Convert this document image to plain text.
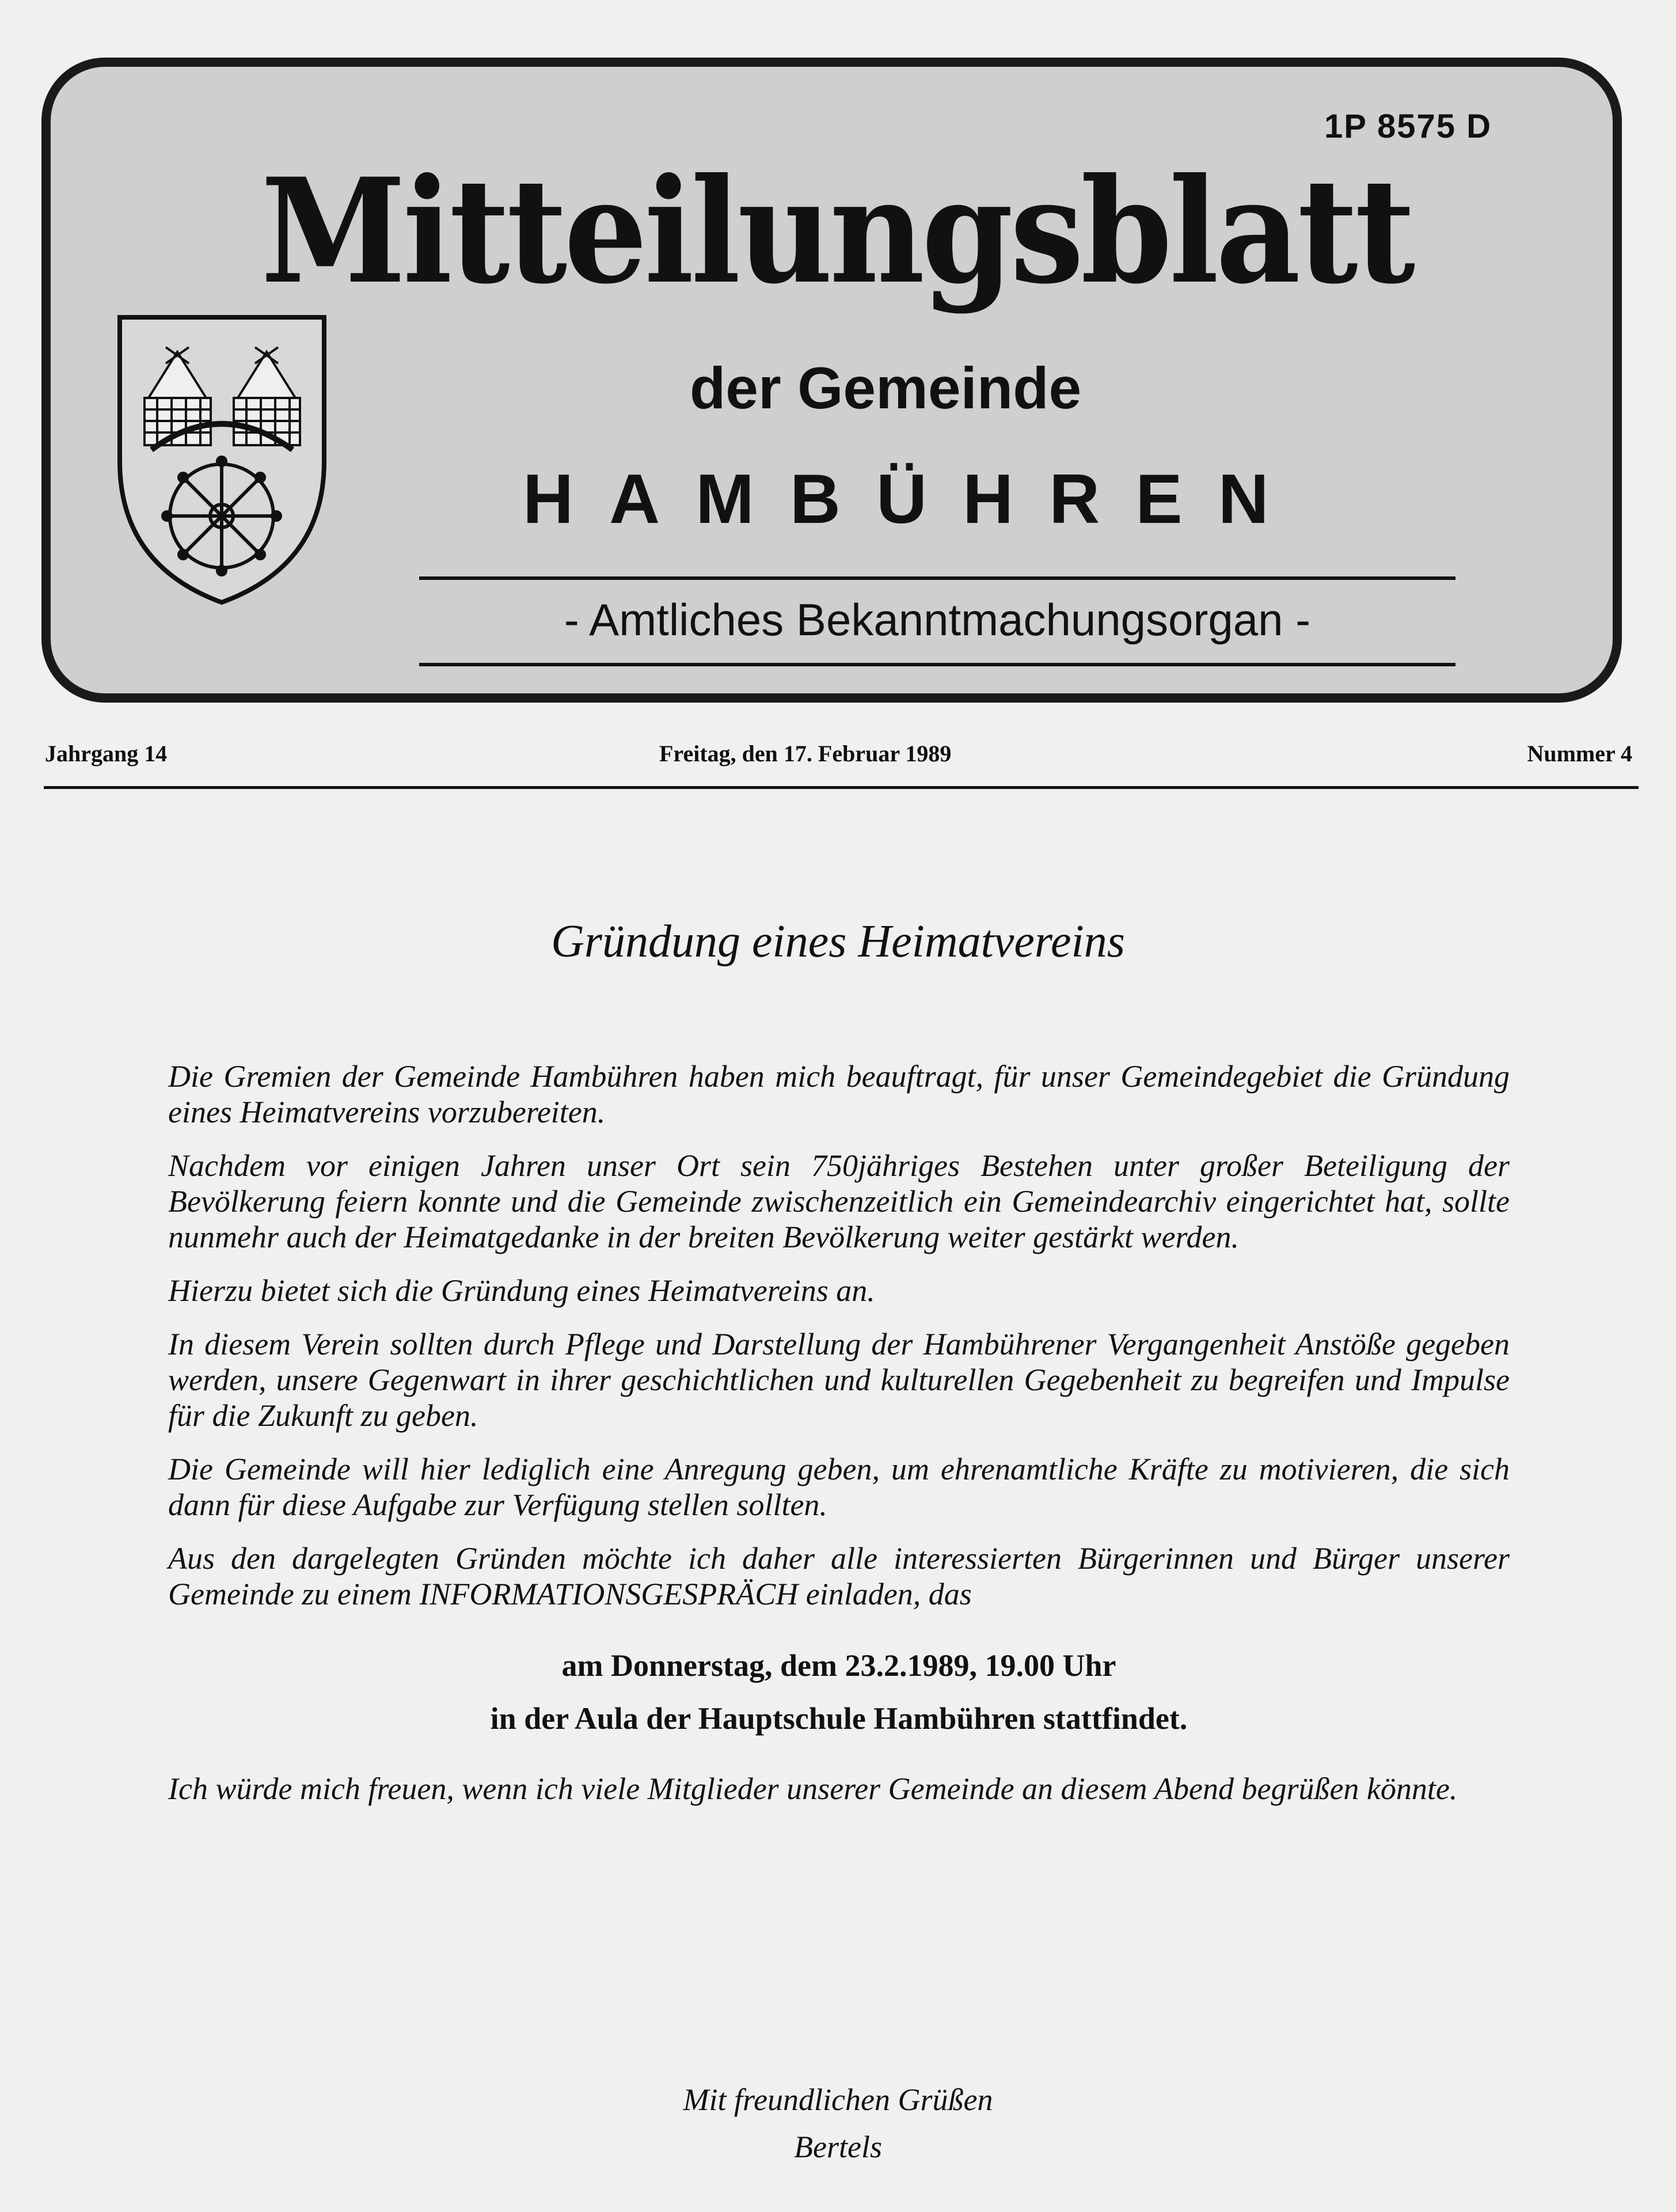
1P 8575 D
Mitteilungsblatt
der Gemeinde
HAMBÜHREN
- Amtliches Bekanntmachungsorgan -
Jahrgang 14	Freitag, den 17. Februar 1989	Nummer 4
Gründung eines Heimatvereins

Die Gremien der Gemeinde Hambühren haben mich beauftragt, für unser Gemeindegebiet die Gründung eines Heimatvereins vorzubereiten.

Nachdem vor einigen Jahren unser Ort sein 750jähriges Bestehen unter großer Beteiligung der Bevölkerung feiern konnte und die Gemeinde zwischenzeitlich ein Gemeindearchiv eingerichtet hat, sollte nunmehr auch der Heimatgedanke in der breiten Bevölkerung weiter gestärkt werden.

Hierzu bietet sich die Gründung eines Heimatvereins an.

In diesem Verein sollten durch Pflege und Darstellung der Hambührener Vergangenheit Anstöße gegeben werden, unsere Gegenwart in ihrer geschichtlichen und kulturellen Gegebenheit zu begreifen und Impulse für die Zukunft zu geben.

Die Gemeinde will hier lediglich eine Anregung geben, um ehrenamtliche Kräfte zu motivieren, die sich dann für diese Aufgabe zur Verfügung stellen sollten.

Aus den dargelegten Gründen möchte ich daher alle interessierten Bürgerinnen und Bürger unserer Gemeinde zu einem INFORMATIONSGESPRÄCH einladen, das

am Donnerstag, dem 23.2.1989, 19.00 Uhr
in der Aula der Hauptschule Hambühren stattfindet.

Ich würde mich freuen, wenn ich viele Mitglieder unserer Gemeinde an diesem Abend begrüßen könnte.

Mit freundlichen Grüßen
Bertels
